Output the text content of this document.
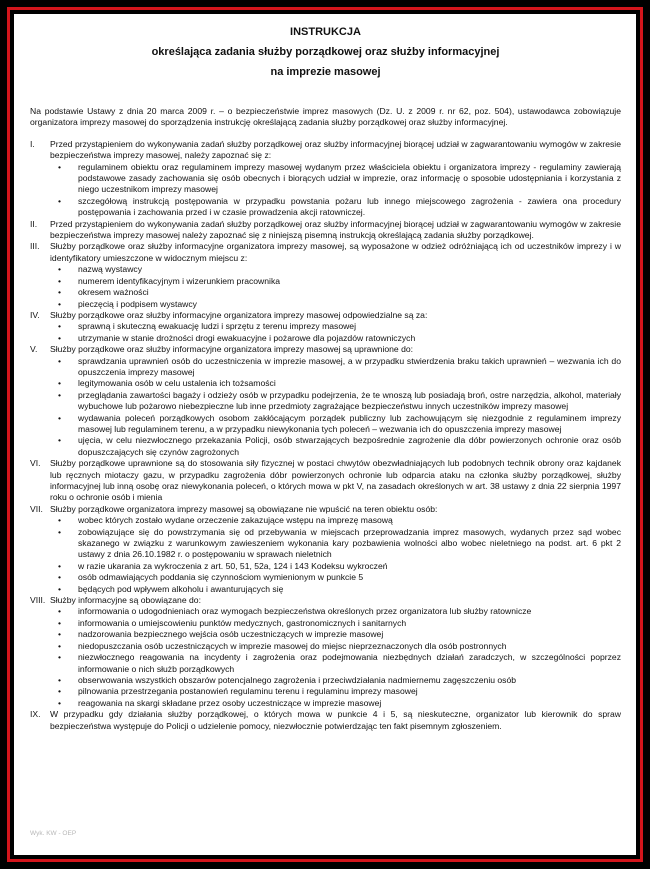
INSTRUKCJA

określająca zadania służby porządkowej oraz służby informacyjnej

na imprezie masowej

Na podstawie Ustawy z dnia 20 marca 2009 r. – o bezpieczeństwie imprez masowych (Dz. U. z 2009 r. nr 62, poz. 504), ustawodawca zobowiązuje organizatora imprezy masowej do sporządzenia instrukcję określającą zadania służby porządkowej oraz służby informacyjnej.

I. Przed przystąpieniem do wykonywania zadań służby porządkowej oraz służby informacyjnej biorącej udział w zagwarantowaniu wymogów w zakresie bezpieczeństwa imprezy masowej, należy zapoznać się z:
• regulaminem obiektu oraz regulaminem imprezy masowej wydanym przez właściciela obiektu i organizatora imprezy - regulaminy zawierają podstawowe zasady zachowania się osób obecnych i biorących udział w imprezie, oraz informację o sposobie udostępniania i korzystania z niego uczestnikom imprezy masowej
• szczegółową instrukcją postępowania w przypadku powstania pożaru lub innego miejscowego zagrożenia - zawiera ona procedury postępowania i zachowania przed i w czasie prowadzenia akcji ratowniczej.
II. Przed przystąpieniem do wykonywania zadań służby porządkowej oraz służby informacyjnej biorącej udział w zagwarantowaniu wymogów w zakresie bezpieczeństwa imprezy masowej należy zapoznać się z niniejszą pisemną instrukcją określającą zadania służby porządkowej.
III. Służby porządkowe oraz służby informacyjne organizatora imprezy masowej, są wyposażone w odzież odróżniającą ich od uczestników imprezy i w identyfikatory umieszczone w widocznym miejscu z:
• nazwą wystawcy
• numerem identyfikacyjnym i wizerunkiem pracownika
• okresem ważności
• pieczęcią i podpisem wystawcy
IV. Służby porządkowe oraz służby informacyjne organizatora imprezy masowej odpowiedzialne są za:
• sprawną i skuteczną ewakuację ludzi i sprzętu z terenu imprezy masowej
• utrzymanie w stanie drożności drogi ewakuacyjne i pożarowe dla pojazdów ratowniczych
V. Służby porządkowe oraz służby informacyjne organizatora imprezy masowej są uprawnione do:
• sprawdzania uprawnień osób do uczestniczenia w imprezie masowej, a w przypadku stwierdzenia braku takich uprawnień – wezwania ich do opuszczenia imprezy masowej
• legitymowania osób w celu ustalenia ich tożsamości
• przeglądania zawartości bagaży i odzieży osób w przypadku podejrzenia, że te wnoszą lub posiadają broń, ostre narzędzia, alkohol, materiały wybuchowe lub pożarowo niebezpieczne lub inne przedmioty zagrażające bezpieczeństwu innych uczestników imprezy masowej
• wydawania poleceń porządkowych osobom zakłócającym porządek publiczny lub zachowującym się niezgodnie z regulaminem imprezy masowej lub regulaminem terenu, a w przypadku niewykonania tych poleceń – wezwania ich do opuszczenia imprezy masowej
• ujęcia, w celu niezwłocznego przekazania Policji, osób stwarzających bezpośrednie zagrożenie dla dóbr powierzonych ochronie oraz osób dopuszczających się czynów zagrożonych
VI. Służby porządkowe uprawnione są do stosowania siły fizycznej w postaci chwytów obezwładniających lub podobnych technik obrony oraz kajdanek lub ręcznych miotaczy gazu, w przypadku zagrożenia dóbr powierzonych ochronie lub odparcia ataku na członka służby porządkowej, służby informacyjnej lub inną osobę oraz niewykonania poleceń, o których mowa w pkt V, na zasadach określonych w art. 38 ustawy z dnia 22 sierpnia 1997 roku o ochronie osób i mienia
VII. Służby porządkowe organizatora imprezy masowej są obowiązane nie wpuścić na teren obiektu osób:
• wobec których zostało wydane orzeczenie zakazujące wstępu na imprezę masową
• zobowiązujące się do powstrzymania się od przebywania w miejscach przeprowadzania imprez masowych, wydanych przez sąd wobec skazanego w związku z warunkowym zawieszeniem wykonania kary pozbawienia wolności albo wobec nieletniego na podst. art. 6 pkt 2 ustawy z dnia 26.10.1982 r. o postępowaniu w sprawach nieletnich
• w razie ukarania za wykroczenia z art. 50, 51, 52a, 124 i 143 Kodeksu wykroczeń
• osób odmawiających poddania się czynnościom wymienionym w punkcie 5
• będących pod wpływem alkoholu i awanturujących się
VIII. Służby informacyjne są obowiązane do:
• informowania o udogodnieniach oraz wymogach bezpieczeństwa określonych przez organizatora lub służby ratownicze
• informowania o umiejscowieniu punktów medycznych, gastronomicznych i sanitarnych
• nadzorowania bezpiecznego wejścia osób uczestniczących w imprezie masowej
• niedopuszczania osób uczestniczących w imprezie masowej do miejsc nieprzeznaczonych dla osób postronnych
• niezwłocznego reagowania na incydenty i zagrożenia oraz podejmowania niezbędnych działań zaradczych, w szczególności poprzez informowanie o nich służb porządkowych
• obserwowania wszystkich obszarów potencjalnego zagrożenia i przeciwdziałania nadmiernemu zagęszczeniu osób
• pilnowania przestrzegania postanowień regulaminu terenu i regulaminu imprezy masowej
• reagowania na skargi składane przez osoby uczestniczące w imprezie masowej
IX. W przypadku gdy działania służby porządkowej, o których mowa w punkcie 4 i 5, są nieskuteczne, organizator lub kierownik do spraw bezpieczeństwa występuje do Policji o udzielenie pomocy, niezwłocznie potwierdzając ten fakt pisemnym zgłoszeniem.
Wyk. KW - OEP
